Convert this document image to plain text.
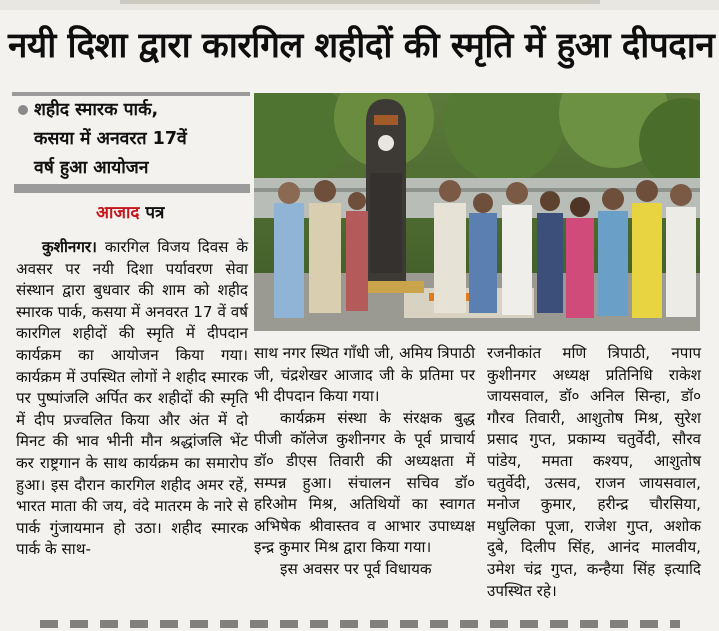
नयी दिशा द्वारा कारगिल शहीदों की स्मृति में हुआ दीपदान
शहीद स्मारक पार्क,
कसया में अनवरत 17वें
वर्ष हुआ आयोजन
आजाद पत्र

कुशीनगर। कारगिल विजय दिवस के अवसर पर नयी दिशा पर्यावरण सेवा संस्थान द्वारा बुधवार की शाम को शहीद स्मारक पार्क, कसया में अनवरत 17 वें वर्ष कारगिल शहीदों की स्मृति में दीपदान कार्यक्रम का आयोजन किया गया। कार्यक्रम में उपस्थित लोगों ने शहीद स्मारक पर पुष्पांजलि अर्पित कर शहीदों की स्मृति में दीप प्रज्वलित किया और अंत में दो मिनट की भाव भीनी मौन श्रद्धांजलि भेंट कर राष्ट्रगान के साथ कार्यक्रम का समारोप हुआ। इस दौरान कारगिल शहीद अमर रहें, भारत माता की जय, वंदे मातरम के नारे से पार्क गुंजायमान हो उठा। शहीद स्मारक पार्क के साथ-

साथ नगर स्थित गाँधी जी, अमिय त्रिपाठी जी, चंद्रशेखर आजाद जी के प्रतिमा पर भी दीपदान किया गया।

कार्यक्रम संस्था के संरक्षक बुद्ध पीजी कॉलेज कुशीनगर के पूर्व प्राचार्य डॉ० डीएस तिवारी की अध्यक्षता में सम्पन्न हुआ। संचालन सचिव डॉ० हरिओम मिश्र, अतिथियों का स्वागत अभिषेक श्रीवास्तव व आभार उपाध्यक्ष इन्द्र कुमार मिश्र द्वारा किया गया।

इस अवसर पर पूर्व विधायक

रजनीकांत मणि त्रिपाठी, नपाप कुशीनगर अध्यक्ष प्रतिनिधि राकेश जायसवाल, डॉ० अनिल सिन्हा, डॉ० गौरव तिवारी, आशुतोष मिश्र, सुरेश प्रसाद गुप्त, प्रकाम्य चतुर्वेदी, सौरव पांडेय, ममता कश्यप, आशुतोष चतुर्वेदी, उत्सव, राजन जायसवाल, मनोज कुमार, हरीन्द्र चौरसिया, मधुलिका पूजा, राजेश गुप्त, अशोक दुबे, दिलीप सिंह, आनंद मालवीय, उमेश चंद्र गुप्त, कन्हैया सिंह इत्यादि उपस्थित रहे।
